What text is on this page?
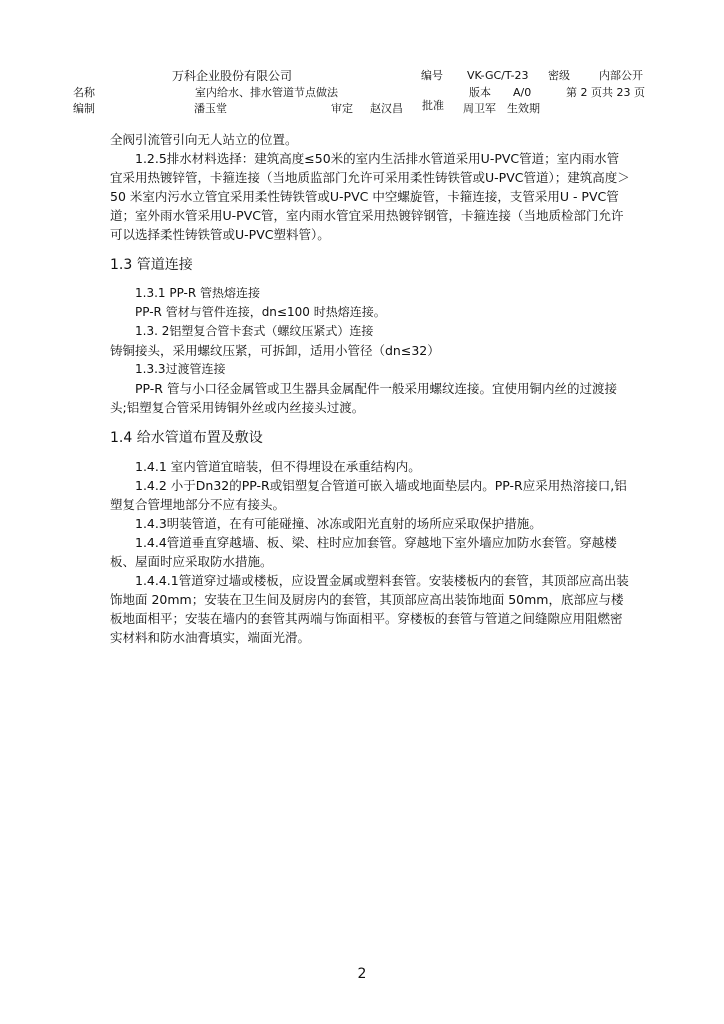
万科企业股份有限公司	编号 VK-GC/T-23 密级	内部公开
名称	室内给水、排水管道节点做法	版本 A/0	第 2 页共 23 页
编制	潘玉堂	审定 赵汉昌 批准 周卫军 生效期

全阀引流管引向无人站立的位置。

1.2.5排水材料选择：建筑高度≤50米的室内生活排水管道采用U-PVC管道；室内雨水管宜采用热镀锌管，卡箍连接（当地质监部门允许可采用柔性铸铁管或U-PVC管道）；建筑高度＞50 米室内污水立管宜采用柔性铸铁管或U-PVC 中空螺旋管，卡箍连接，支管采用U - PVC管道；室外雨水管采用U-PVC管，室内雨水管宜采用热镀锌钢管，卡箍连接（当地质检部门允许可以选择柔性铸铁管或U-PVC塑料管）。

1.3 管道连接

1.3.1 PP-R 管热熔连接

PP-R 管材与管件连接，dn≤100 时热熔连接。

1.3. 2铝塑复合管卡套式（螺纹压紧式）连接

铸铜接头，采用螺纹压紧，可拆卸，适用小管径（dn≤32）

1.3.3过渡管连接

PP-R 管与小口径金属管或卫生器具金属配件一般采用螺纹连接。宜使用铜内丝的过渡接头;铝塑复合管采用铸铜外丝或内丝接头过渡。

1.4 给水管道布置及敷设

1.4.1 室内管道宜暗装，但不得埋设在承重结构内。

1.4.2 小于Dn32的PP-R或铝塑复合管道可嵌入墙或地面垫层内。PP-R应采用热溶接口,铝塑复合管埋地部分不应有接头。

1.4.3明装管道，在有可能碰撞、冰冻或阳光直射的场所应采取保护措施。

1.4.4管道垂直穿越墙、板、梁、柱时应加套管。穿越地下室外墙应加防水套管。穿越楼板、屋面时应采取防水措施。

1.4.4.1管道穿过墙或楼板，应设置金属或塑料套管。安装楼板内的套管，其顶部应高出装饰地面 20mm；安装在卫生间及厨房内的套管，其顶部应高出装饰地面 50mm，底部应与楼板地面相平；安装在墙内的套管其两端与饰面相平。穿楼板的套管与管道之间缝隙应用阻燃密实材料和防水油膏填实，端面光滑。

2
